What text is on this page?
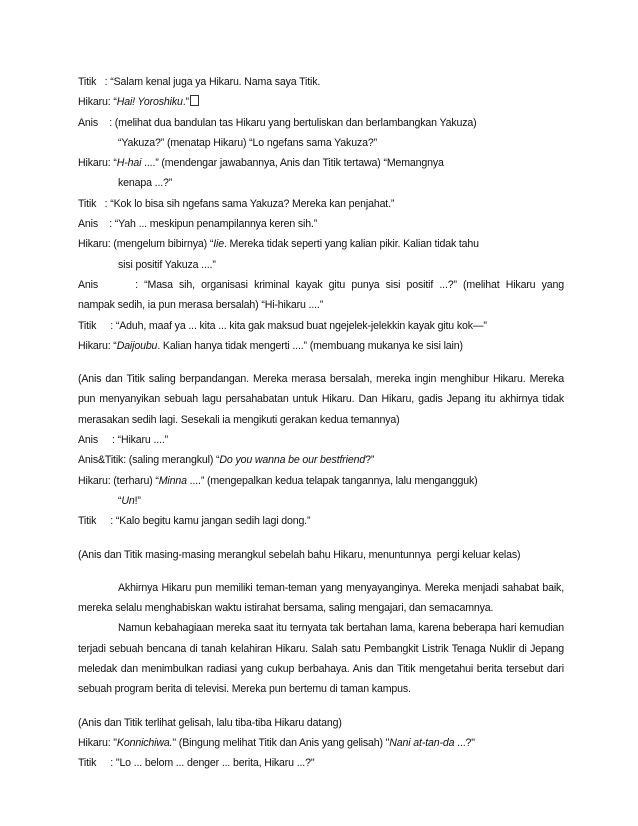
Titik   : “Salam kenal juga ya Hikaru. Nama saya Titik.

Hikaru: “Hai! Yoroshiku.”

Anis    : (melihat dua bandulan tas Hikaru yang bertuliskan dan berlambangkan Yakuza)

“Yakuza?” (menatap Hikaru) “Lo ngefans sama Yakuza?”

Hikaru: “H-hai ....” (mendengar jawabannya, Anis dan Titik tertawa) “Memangnya

kenapa ...?”

Titik   : “Kok lo bisa sih ngefans sama Yakuza? Mereka kan penjahat.”

Anis    : “Yah ... meskipun penampilannya keren sih.”

Hikaru: (mengelum bibirnya) “Iie. Mereka tidak seperti yang kalian pikir. Kalian tidak tahu

sisi positif Yakuza ....”

Anis      : “Masa sih, organisasi kriminal kayak gitu punya sisi positif ...?” (melihat Hikaru yang

nampak sedih, ia pun merasa bersalah) “Hi-hikaru ....”

Titik     : “Aduh, maaf ya ... kita ... kita gak maksud buat ngejelek-jelekkin kayak gitu kok—”

Hikaru: “Daijoubu. Kalian hanya tidak mengerti ....” (membuang mukanya ke sisi lain)

(Anis dan Titik saling berpandangan. Mereka merasa bersalah, mereka ingin menghibur Hikaru. Mereka pun menyanyikan sebuah lagu persahabatan untuk Hikaru. Dan Hikaru, gadis Jepang itu akhirnya tidak merasakan sedih lagi. Sesekali ia mengikuti gerakan kedua temannya)

Anis     : “Hikaru ....”

Anis&Titik: (saling merangkul) “Do you wanna be our bestfriend?”

Hikaru: (terharu) “Minna ....” (mengepalkan kedua telapak tangannya, lalu mengangguk)

“Un!”

Titik     : “Kalo begitu kamu jangan sedih lagi dong.”

(Anis dan Titik masing-masing merangkul sebelah bahu Hikaru, menuntunnya  pergi keluar kelas)

Akhirnya Hikaru pun memiliki teman-teman yang menyayanginya. Mereka menjadi sahabat baik, mereka selalu menghabiskan waktu istirahat bersama, saling mengajari, dan semacamnya.

Namun kebahagiaan mereka saat itu ternyata tak bertahan lama, karena beberapa hari kemudian terjadi sebuah bencana di tanah kelahiran Hikaru. Salah satu Pembangkit Listrik Tenaga Nuklir di Jepang meledak dan menimbulkan radiasi yang cukup berbahaya. Anis dan Titik mengetahui berita tersebut dari sebuah program berita di televisi. Mereka pun bertemu di taman kampus.

(Anis dan Titik terlihat gelisah, lalu tiba-tiba Hikaru datang)

Hikaru: "Konnichiwa." (Bingung melihat Titik dan Anis yang gelisah) "Nani at-tan-da ...?"

Titik     : "Lo ... belom ... denger ... berita, Hikaru ...?"
